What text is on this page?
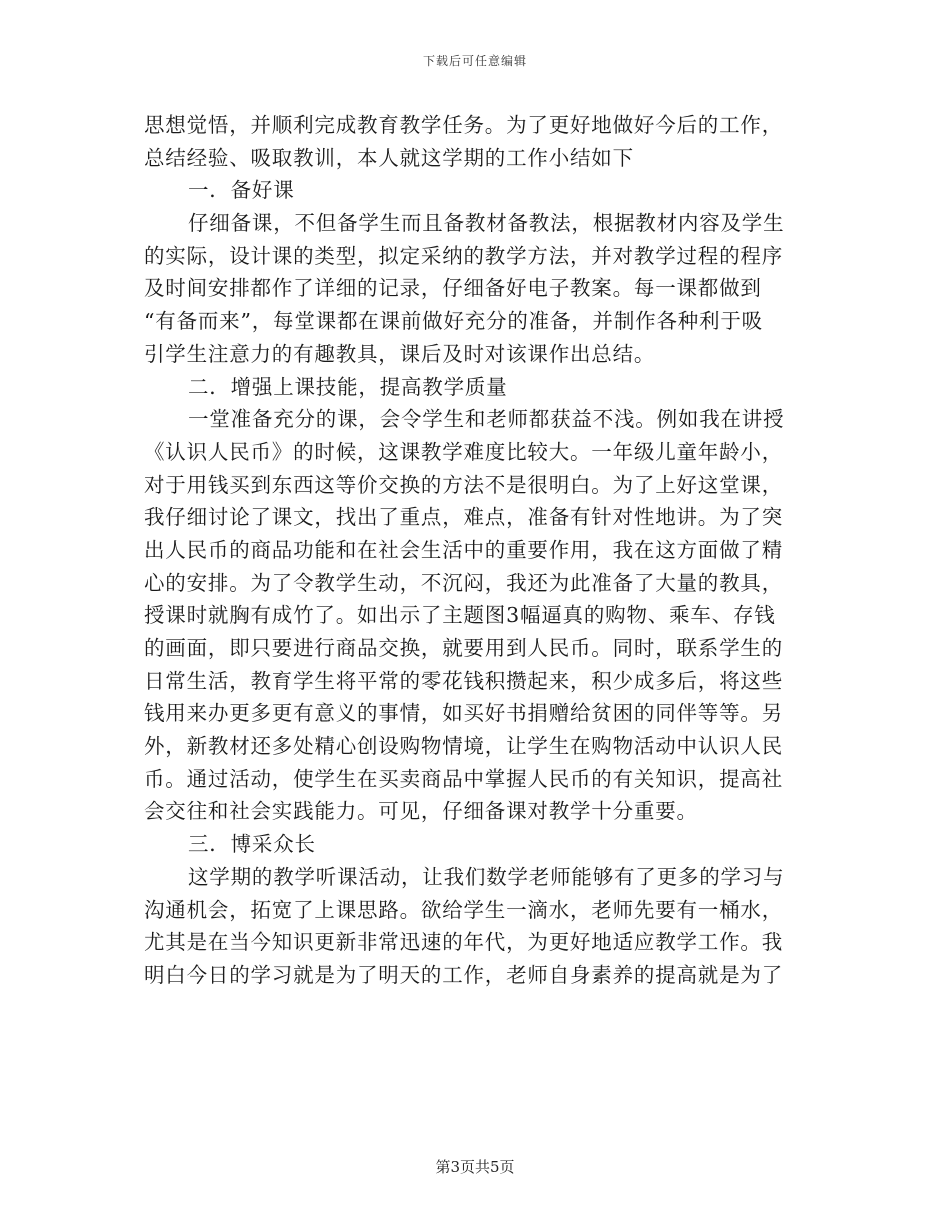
下载后可任意编辑
思想觉悟，并顺利完成教育教学任务。为了更好地做好今后的工作，
总结经验、吸取教训，本人就这学期的工作小结如下
一．备好课
仔细备课，不但备学生而且备教材备教法，根据教材内容及学生
的实际，设计课的类型，拟定采纳的教学方法，并对教学过程的程序
及时间安排都作了详细的记录，仔细备好电子教案。每一课都做到
“有备而来”，每堂课都在课前做好充分的准备，并制作各种利于吸
引学生注意力的有趣教具，课后及时对该课作出总结。
二．增强上课技能，提高教学质量
一堂准备充分的课，会令学生和老师都获益不浅。例如我在讲授
《认识人民币》的时候，这课教学难度比较大。一年级儿童年龄小，
对于用钱买到东西这等价交换的方法不是很明白。为了上好这堂课，
我仔细讨论了课文，找出了重点，难点，准备有针对性地讲。为了突
出人民币的商品功能和在社会生活中的重要作用，我在这方面做了精
心的安排。为了令教学生动，不沉闷，我还为此准备了大量的教具，
授课时就胸有成竹了。如出示了主题图3幅逼真的购物、乘车、存钱
的画面，即只要进行商品交换，就要用到人民币。同时，联系学生的
日常生活，教育学生将平常的零花钱积攒起来，积少成多后，将这些
钱用来办更多更有意义的事情，如买好书捐赠给贫困的同伴等等。另
外，新教材还多处精心创设购物情境，让学生在购物活动中认识人民
币。通过活动，使学生在买卖商品中掌握人民币的有关知识，提高社
会交往和社会实践能力。可见，仔细备课对教学十分重要。
三．博采众长
这学期的教学听课活动，让我们数学老师能够有了更多的学习与
沟通机会，拓宽了上课思路。欲给学生一滴水，老师先要有一桶水，
尤其是在当今知识更新非常迅速的年代，为更好地适应教学工作。我
明白今日的学习就是为了明天的工作，老师自身素养的提高就是为了
第3页共5页
